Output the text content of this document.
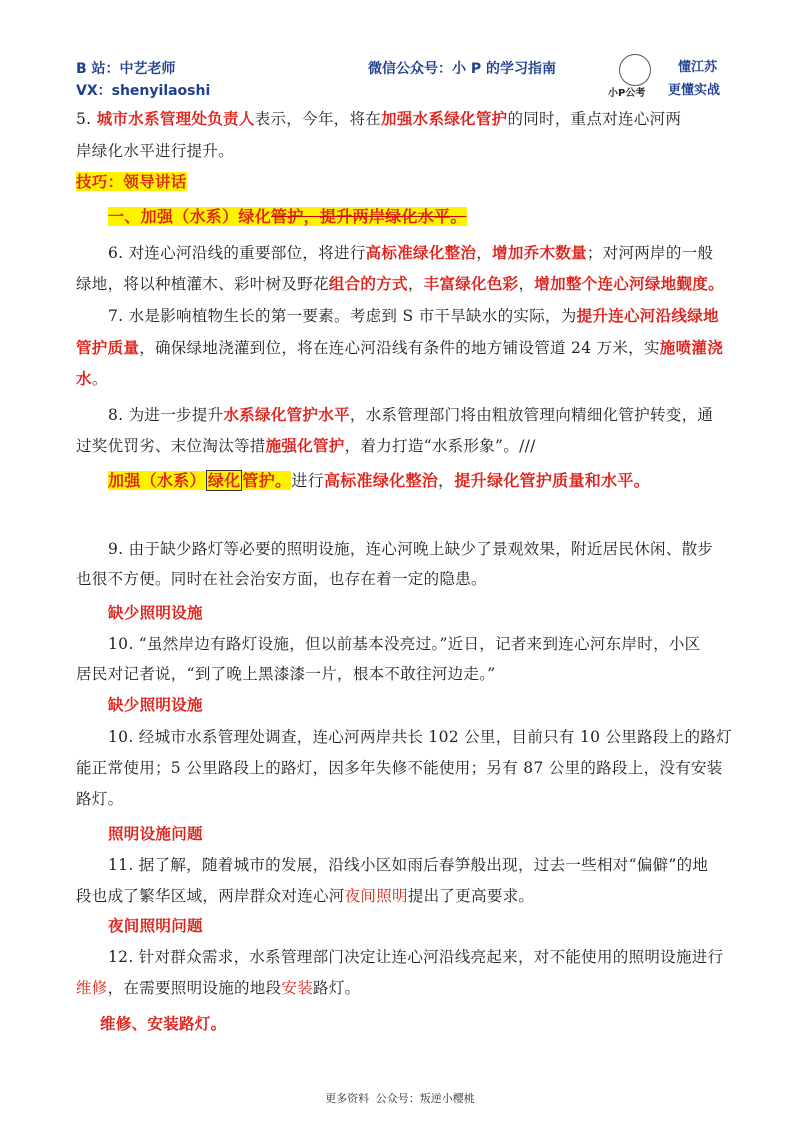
B 站：中艺老师
VX：shenyilaoshi
微信公众号：小 P 的学习指南
小P公考
懂江苏
更懂实战
5. 城市水系管理处负责人表示，今年，将在加强水系绿化管护的同时，重点对连心河两
岸绿化水平进行提升。
技巧：领导讲话
一、加强（水系）绿化管护，提升两岸绿化水平。
6. 对连心河沿线的重要部位，将进行高标准绿化整治，增加乔木数量；对河两岸的一般
绿地，将以种植灌木、彩叶树及野花组合的方式，丰富绿化色彩，增加整个连心河绿地觐度。
7. 水是影响植物生长的第一要素。考虑到 S 市干旱缺水的实际，为提升连心河沿线绿地
管护质量，确保绿地浇灌到位，将在连心河沿线有条件的地方铺设管道 24 万米，实施喷灌浇
水。
8. 为进一步提升水系绿化管护水平，水系管理部门将由粗放管理向精细化管护转变，通
过奖优罚劣、末位淘汰等措施强化管护，着力打造“水系形象”。///
加强（水系） 绿化 管护。进行高标准绿化整治，提升绿化管护质量和水平。
9. 由于缺少路灯等必要的照明设施，连心河晚上缺少了景观效果，附近居民休闲、散步
也很不方便。同时在社会治安方面，也存在着一定的隐患。
缺少照明设施
10. “虽然岸边有路灯设施，但以前基本没亮过。”近日，记者来到连心河东岸时，小区
居民对记者说，“到了晚上黑漆漆一片，根本不敢往河边走。”
缺少照明设施
10. 经城市水系管理处调查，连心河两岸共长 102 公里，目前只有 10 公里路段上的路灯
能正常使用；5 公里路段上的路灯，因多年失修不能使用；另有 87 公里的路段上，没有安装
路灯。
照明设施问题
11. 据了解，随着城市的发展，沿线小区如雨后春笋般出现，过去一些相对“偏僻”的地
段也成了繁华区域，两岸群众对连心河夜间照明提出了更高要求。
夜间照明问题
12. 针对群众需求，水系管理部门决定让连心河沿线亮起来，对不能使用的照明设施进行
维修，在需要照明设施的地段安装路灯。
维修、安装路灯。
更多资料 公众号：叛逆小樱桃
